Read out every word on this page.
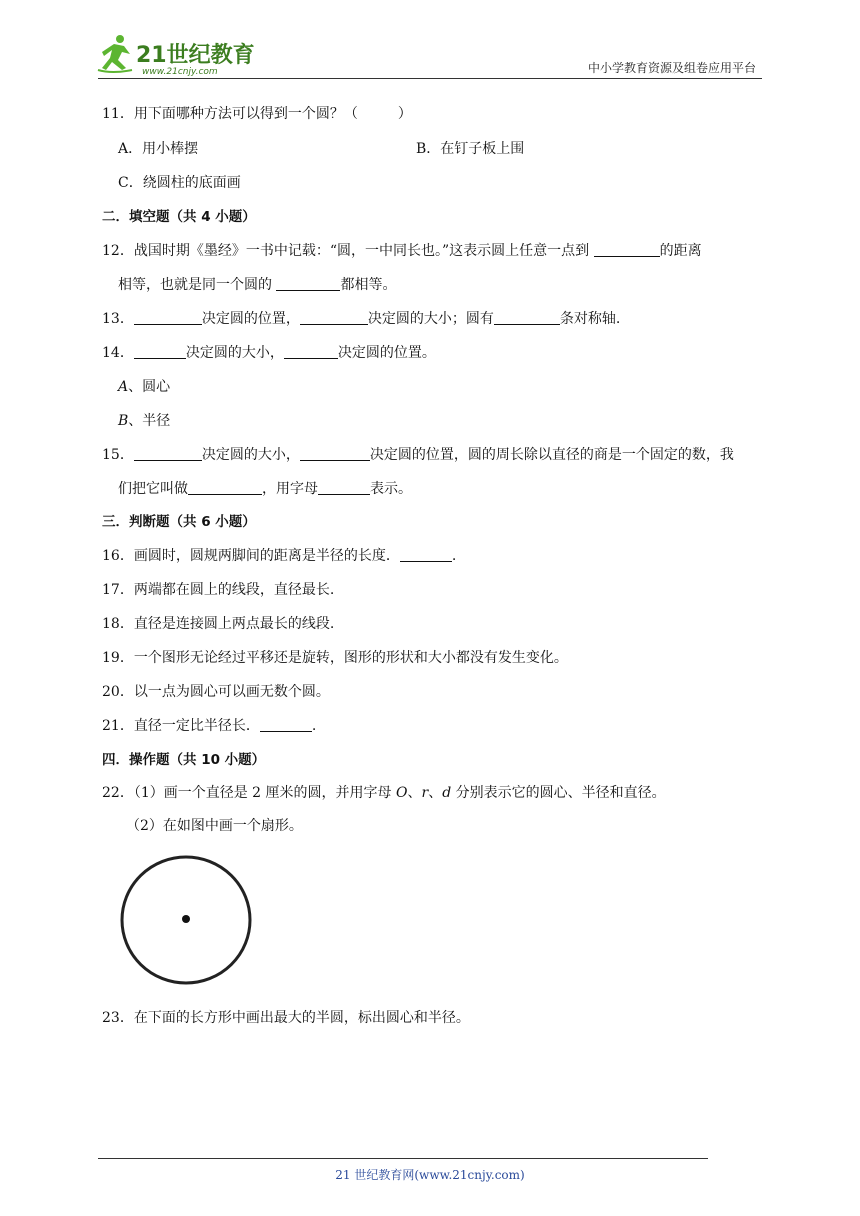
21世纪教育
www.21cnjy.com	中小学教育资源及组卷应用平台
11．用下面哪种方法可以得到一个圆？（	）
A．用小棒摆	B．在钉子板上围
C．绕圆柱的底面画
二．填空题（共 4 小题）
12．战国时期《墨经》一书中记载：“圆，一中同长也。”这表示圆上任意一点到	的距离
相等，也就是同一个圆的	都相等。
13．	决定圆的位置，	决定圆的大小；圆有	条对称轴.
14．	决定圆的大小，	决定圆的位置。
A、圆心
B、半径
15．	决定圆的大小，	决定圆的位置，圆的周长除以直径的商是一个固定的数，我
们把它叫做	，用字母	表示。
三．判断题（共 6 小题）
16．画圆时，圆规两脚间的距离是半径的长度．	.
17．两端都在圆上的线段，直径最长.
18．直径是连接圆上两点最长的线段.
19．一个图形无论经过平移还是旋转，图形的形状和大小都没有发生变化。
20．以一点为圆心可以画无数个圆。
21．直径一定比半径长．	.
四．操作题（共 10 小题）
22．（1）画一个直径是 2 厘米的圆，并用字母 O、r、d 分别表示它的圆心、半径和直径。
（2）在如图中画一个扇形。
23．在下面的长方形中画出最大的半圆，标出圆心和半径。
21 世纪教育网(www.21cnjy.com)
